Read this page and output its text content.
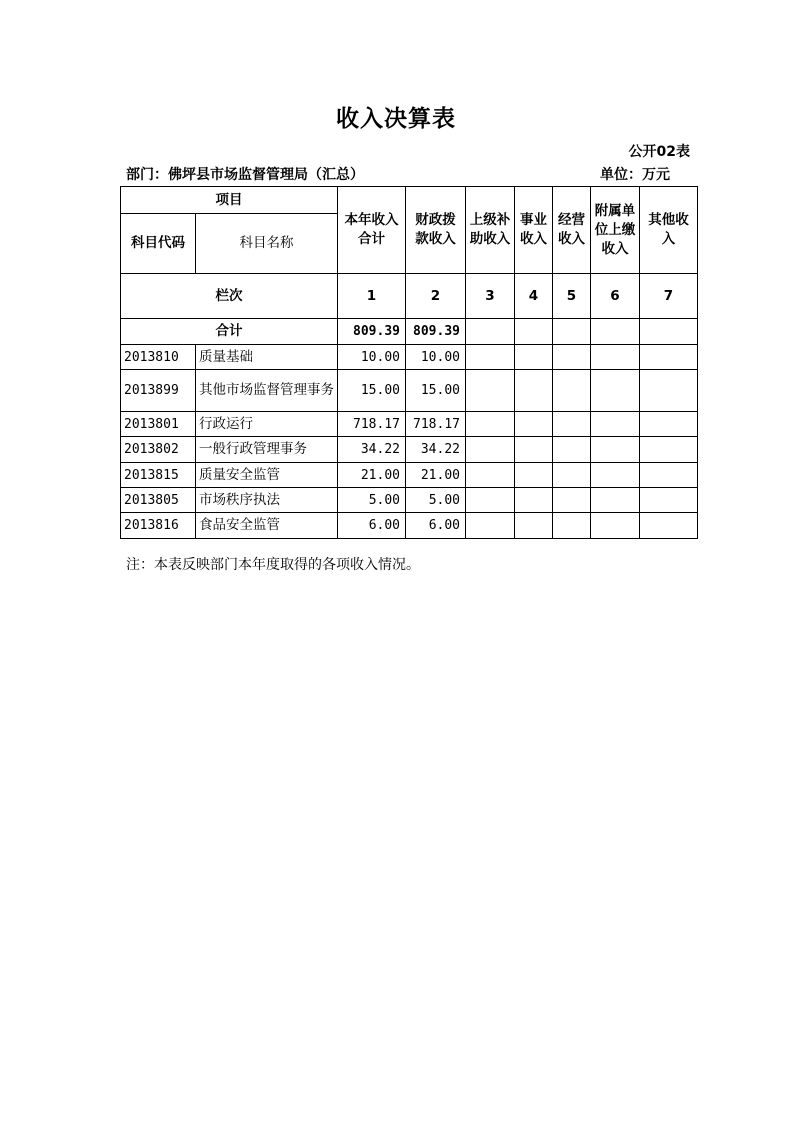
收入决算表
公开02表
部门：佛坪县市场监督管理局（汇总）	单位：万元
项目		本年收入合计	财政拨款收入	上级补助收入	事业收入	经营收入	附属单位上缴收入	其他收入
科目代码	科目名称							
栏次		1	2	3	4	5	6	7
合计		809.39	809.39					
2013810	质量基础	10.00	10.00					
2013899	其他市场监督管理事务	15.00	15.00					
2013801	行政运行	718.17	718.17					
2013802	一般行政管理事务	34.22	34.22					
2013815	质量安全监管	21.00	21.00					
2013805	市场秩序执法	5.00	5.00					
2013816	食品安全监管	6.00	6.00					
注：本表反映部门本年度取得的各项收入情况。
